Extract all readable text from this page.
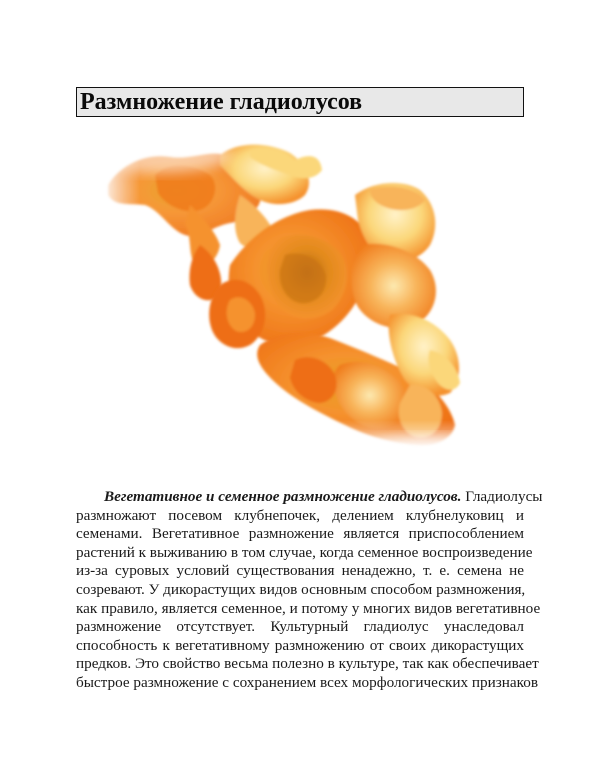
Размножение гладиолусов
Вегетативное и семенное размножение гладиолусов. Гладиолусы
размножают посевом клубнепочек, делением клубнелуковиц и
семенами. Вегетативное размножение является приспособлением
растений к выживанию в том случае, когда семенное воспроизведение
из-за суровых условий существования ненадежно, т. е. семена не
созревают. У дикорастущих видов основным способом размножения,
как правило, является семенное, и потому у многих видов вегетативное
размножение отсутствует. Культурный гладиолус унаследовал
способность к вегетативному размножению от своих дикорастущих
предков. Это свойство весьма полезно в культуре, так как обеспечивает
быстрое размножение с сохранением всех морфологических признаков
